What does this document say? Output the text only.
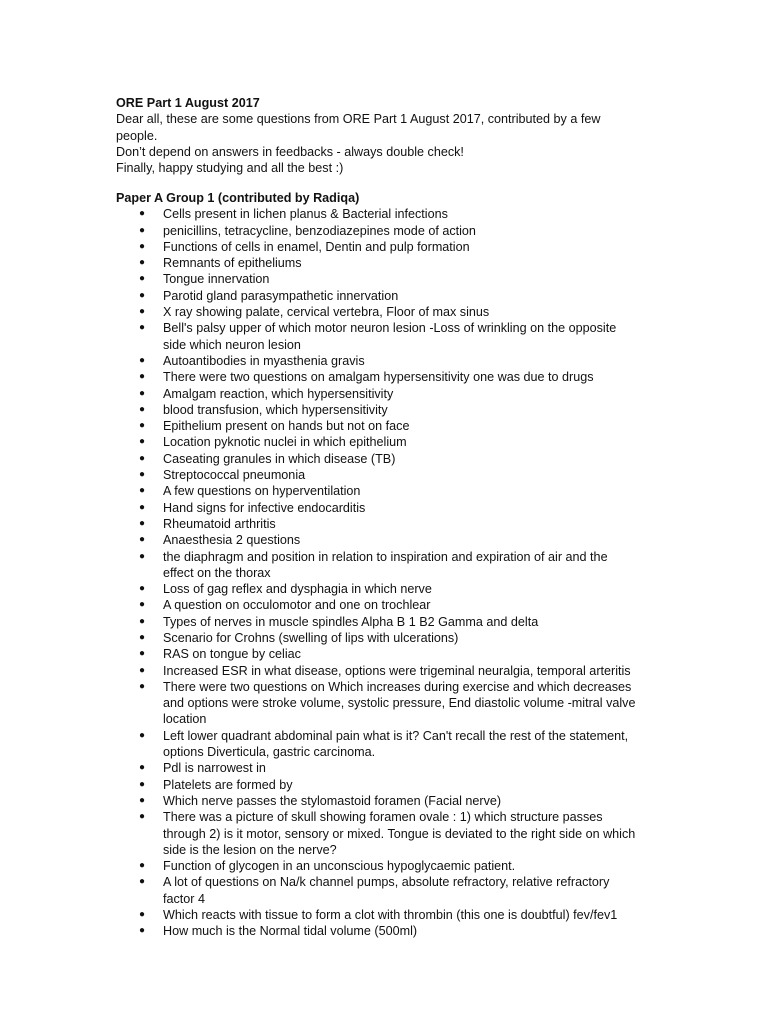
ORE Part 1 August 2017
Dear all, these are some questions from ORE Part 1 August 2017, contributed by a few people.
Don’t depend on answers in feedbacks - always double check!
Finally, happy studying and all the best :)
Paper A Group 1 (contributed by Radiqa)
● Cells present in lichen planus & Bacterial infections
● penicillins, tetracycline, benzodiazepines mode of action
● Functions of cells in enamel, Dentin and pulp formation
● Remnants of epitheliums
● Tongue innervation
● Parotid gland parasympathetic innervation
● X ray showing palate, cervical vertebra, Floor of max sinus
● Bell's palsy upper of which motor neuron lesion -Loss of wrinkling on the opposite side which neuron lesion
● Autoantibodies in myasthenia gravis
● There were two questions on amalgam hypersensitivity one was due to drugs
● Amalgam reaction, which hypersensitivity
● blood transfusion, which hypersensitivity
● Epithelium present on hands but not on face
● Location pyknotic nuclei in which epithelium
● Caseating granules in which disease (TB)
● Streptococcal pneumonia
● A few questions on hyperventilation
● Hand signs for infective endocarditis
● Rheumatoid arthritis
● Anaesthesia 2 questions
● the diaphragm and position in relation to inspiration and expiration of air and the effect on the thorax
● Loss of gag reflex and dysphagia in which nerve
● A question on occulomotor and one on trochlear
● Types of nerves in muscle spindles Alpha B 1 B2 Gamma and delta
● Scenario for Crohns (swelling of lips with ulcerations)
● RAS on tongue by celiac
● Increased ESR in what disease, options were trigeminal neuralgia, temporal arteritis
● There were two questions on Which increases during exercise and which decreases and options were stroke volume, systolic pressure, End diastolic volume -mitral valve location
● Left lower quadrant abdominal pain what is it? Can't recall the rest of the statement, options Diverticula, gastric carcinoma.
● Pdl is narrowest in
● Platelets are formed by
● Which nerve passes the stylomastoid foramen (Facial nerve)
● There was a picture of skull showing foramen ovale : 1) which structure passes through 2) is it motor, sensory or mixed. Tongue is deviated to the right side on which side is the lesion on the nerve?
● Function of glycogen in an unconscious hypoglycaemic patient.
● A lot of questions on Na/k channel pumps, absolute refractory, relative refractory factor 4
● Which reacts with tissue to form a clot with thrombin (this one is doubtful) fev/fev1
● How much is the Normal tidal volume (500ml)
